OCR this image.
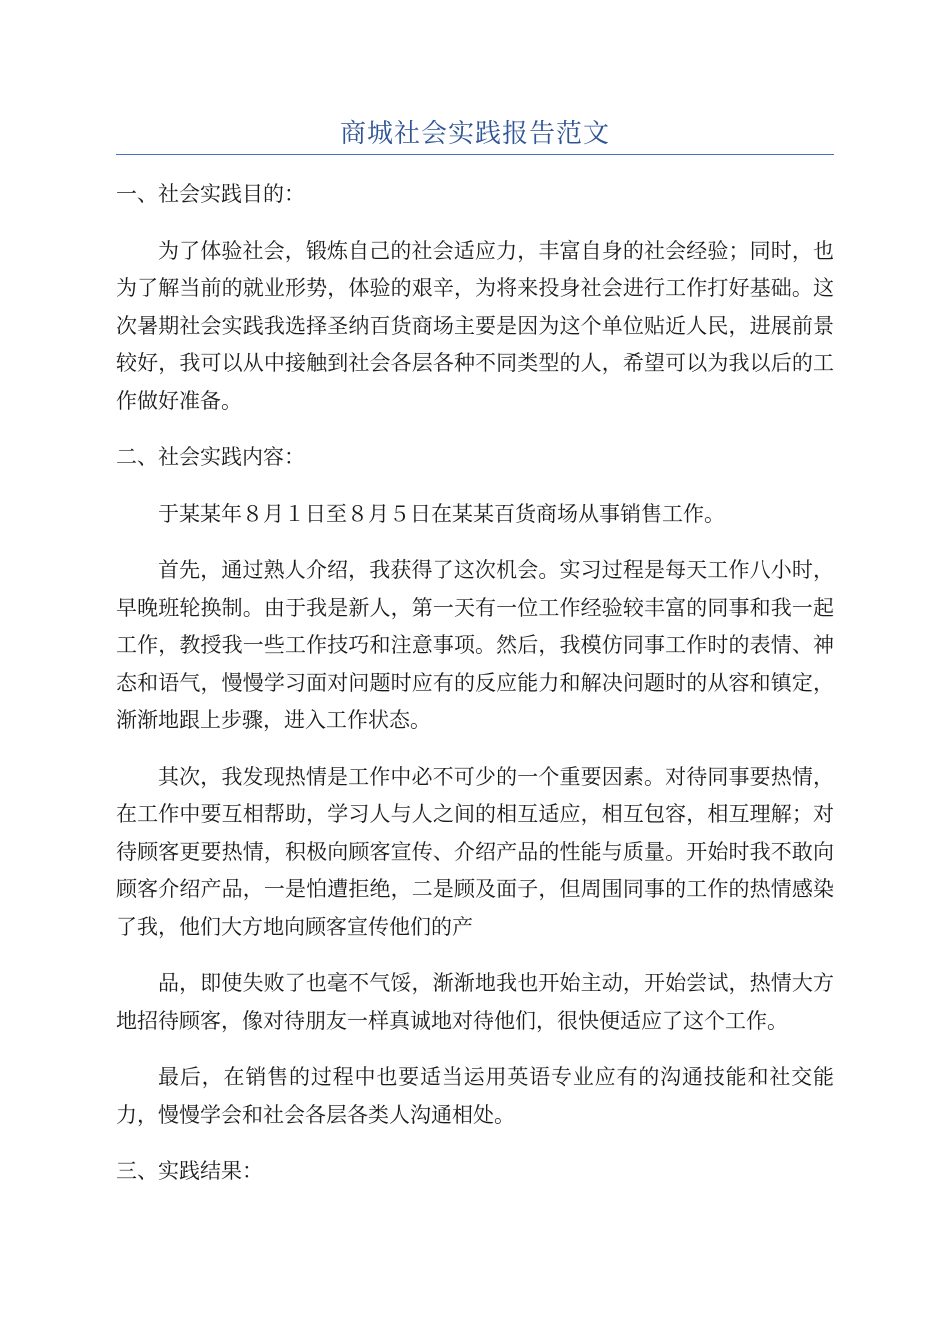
商城社会实践报告范文
一、社会实践目的：

为了体验社会，锻炼自己的社会适应力，丰富自身的社会经验；同时，也为了解当前的就业形势，体验的艰辛，为将来投身社会进行工作打好基础。这次暑期社会实践我选择圣纳百货商场主要是因为这个单位贴近人民，进展前景较好，我可以从中接触到社会各层各种不同类型的人，希望可以为我以后的工作做好准备。

二、社会实践内容：

于某某年８月１日至８月５日在某某百货商场从事销售工作。

首先，通过熟人介绍，我获得了这次机会。实习过程是每天工作八小时，早晚班轮换制。由于我是新人，第一天有一位工作经验较丰富的同事和我一起工作，教授我一些工作技巧和注意事项。然后，我模仿同事工作时的表情、神态和语气，慢慢学习面对问题时应有的反应能力和解决问题时的从容和镇定，渐渐地跟上步骤，进入工作状态。

其次，我发现热情是工作中必不可少的一个重要因素。对待同事要热情，在工作中要互相帮助，学习人与人之间的相互适应，相互包容，相互理解；对待顾客更要热情，积极向顾客宣传、介绍产品的性能与质量。开始时我不敢向顾客介绍产品，一是怕遭拒绝，二是顾及面子，但周围同事的工作的热情感染了我，他们大方地向顾客宣传他们的产

品，即使失败了也毫不气馁，渐渐地我也开始主动，开始尝试，热情大方地招待顾客，像对待朋友一样真诚地对待他们，很快便适应了这个工作。

最后，在销售的过程中也要适当运用英语专业应有的沟通技能和社交能力，慢慢学会和社会各层各类人沟通相处。

三、实践结果：
